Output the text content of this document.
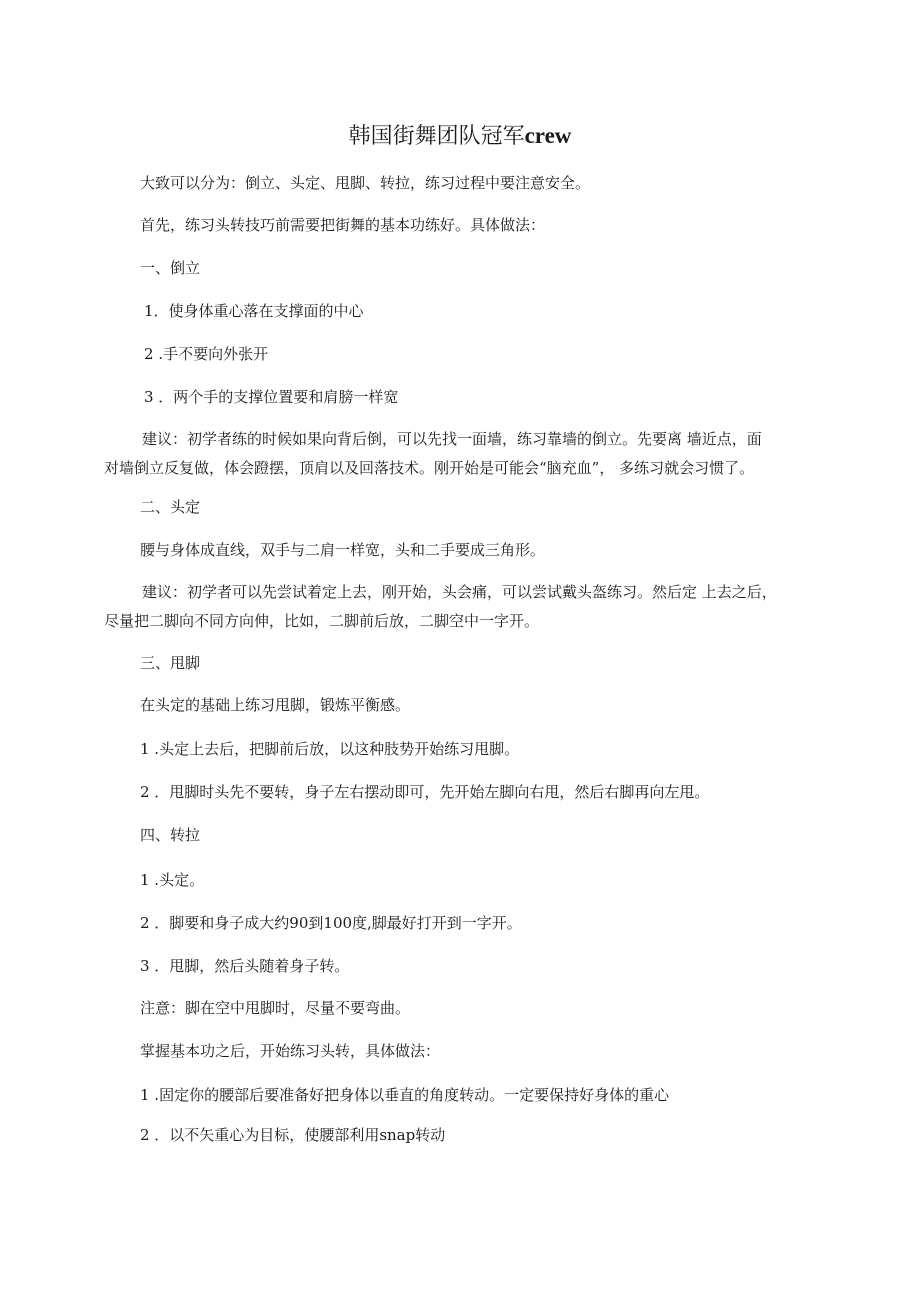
韩国街舞团队冠军crew
大致可以分为：倒立、头定、甩脚、转拉，练习过程中要注意安全。
首先，练习头转技巧前需要把街舞的基本功练好。具体做法：
一、倒立
1．使身体重心落在支撑面的中心
2 .手不要向外张开
3 ．两个手的支撑位置要和肩膀一样宽
建议：初学者练的时候如果向背后倒，可以先找一面墙，练习靠墙的倒立。先要离 墙近点，面
对墙倒立反复做，体会蹬摆，顶肩以及回落技术。刚开始是可能会“脑充血”， 多练习就会习惯了。
二、头定
腰与身体成直线，双手与二肩一样宽，头和二手要成三角形。
建议：初学者可以先尝试着定上去，刚开始，头会痛，可以尝试戴头盔练习。然后定 上去之后，
尽量把二脚向不同方向伸，比如，二脚前后放，二脚空中一字开。
三、甩脚
在头定的基础上练习甩脚，锻炼平衡感。
1 .头定上去后，把脚前后放，以这种肢势开始练习甩脚。
2 ．甩脚时头先不要转，身子左右摆动即可，先开始左脚向右甩，然后右脚再向左甩。
四、转拉
1 .头定。
2 ．脚要和身子成大约90到100度,脚最好打开到一字开。
3 ．甩脚，然后头随着身子转。
注意：脚在空中甩脚时，尽量不要弯曲。
掌握基本功之后，开始练习头转，具体做法：
1 .固定你的腰部后要准备好把身体以垂直的角度转动。一定要保持好身体的重心
2 ．以不矢重心为目标，使腰部利用snap转动
